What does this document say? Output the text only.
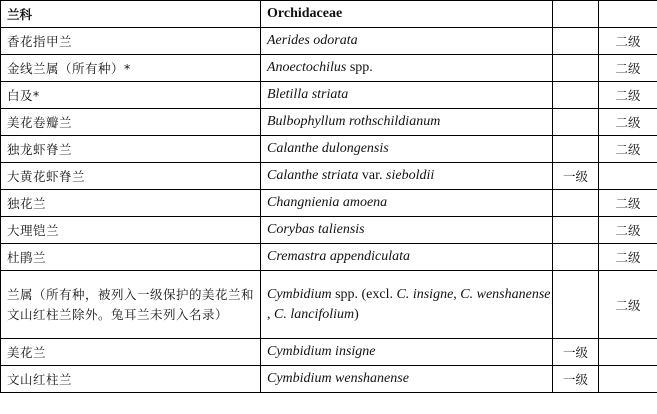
兰科	Orchidaceae		
香花指甲兰	Aerides odorata		二级
金线兰属（所有种）*	Anoectochilus spp.		二级
白及*	Bletilla striata		二级
美花卷瓣兰	Bulbophyllum rothschildianum		二级
独龙虾脊兰	Calanthe dulongensis		二级
大黄花虾脊兰	Calanthe striata var. sieboldii	一级	
独花兰	Changnienia amoena		二级
大理铠兰	Corybas taliensis		二级
杜鹃兰	Cremastra appendiculata		二级
兰属（所有种，被列入一级保护的美花兰和文山红柱兰除外。兔耳兰未列入名录）	Cymbidium spp. (excl. C. insigne, C. wenshanense , C. lancifolium)		二级
美花兰	Cymbidium insigne	一级	
文山红柱兰	Cymbidium wenshanense	一级	
